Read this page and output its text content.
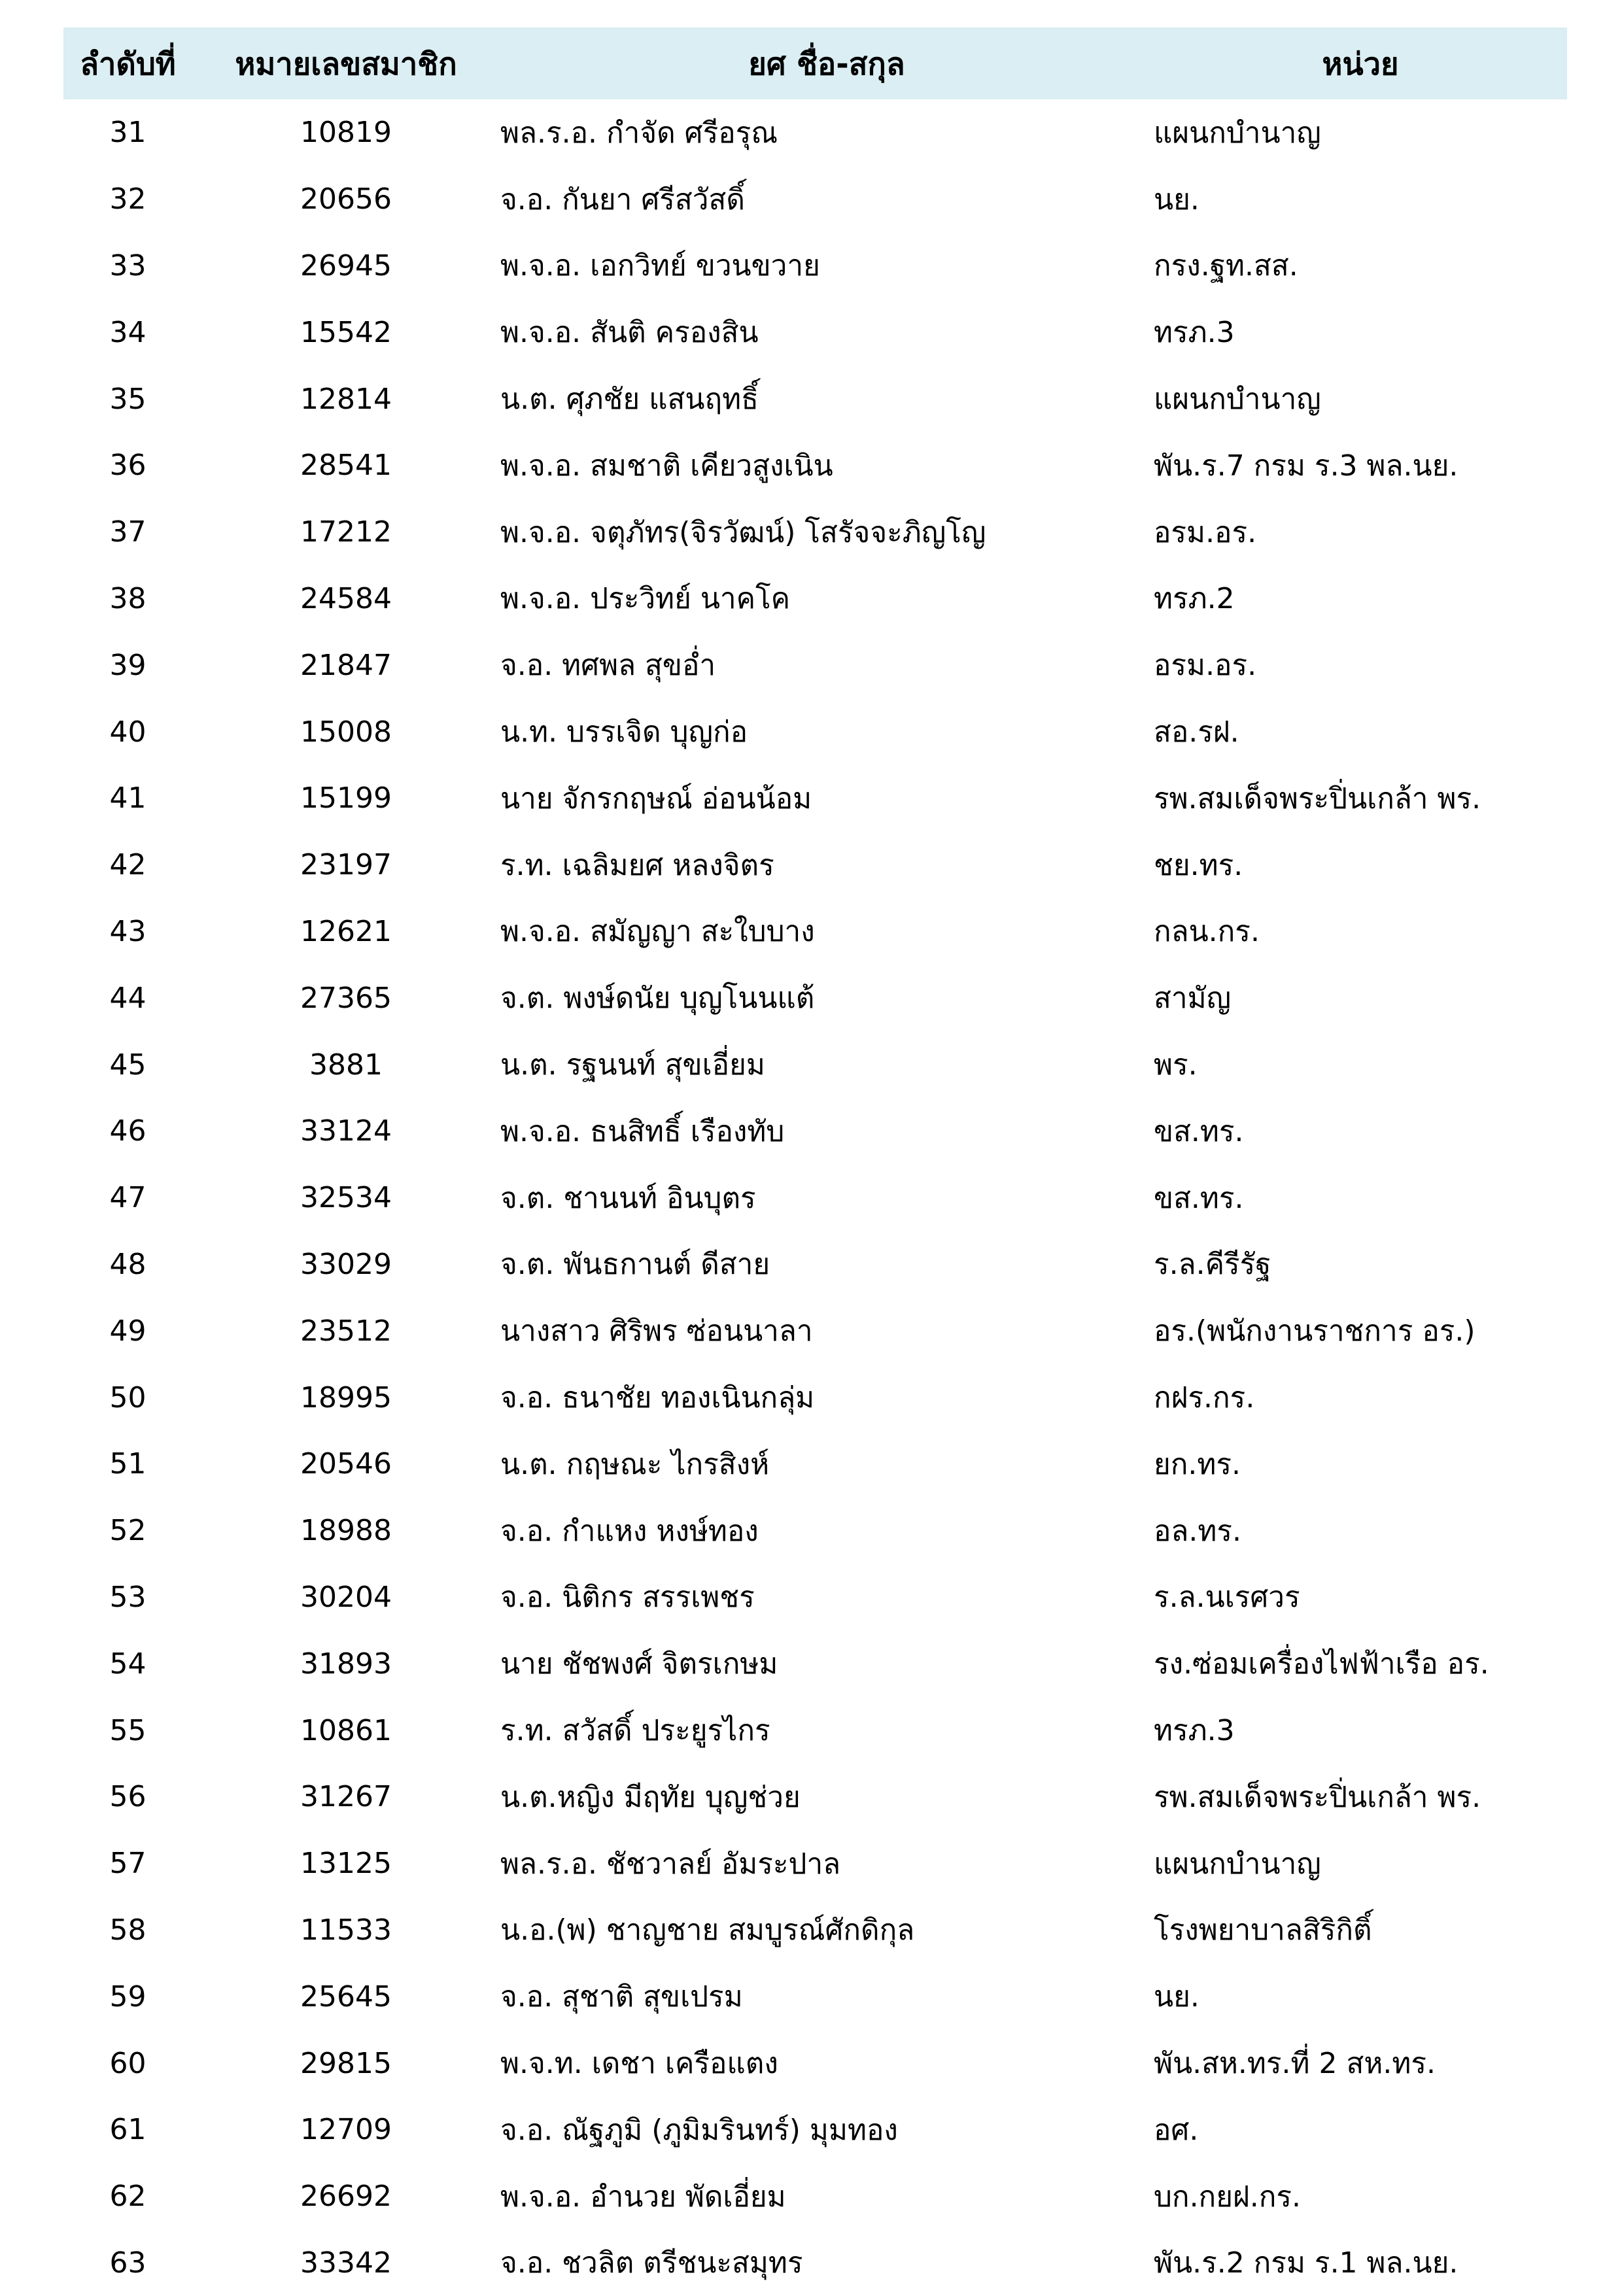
ลำดับที่	หมายเลขสมาชิก	ยศ ชื่อ-สกุล	หน่วย
31	10819	พล.ร.อ. กำจัด ศรีอรุณ	แผนกบำนาญ
32	20656	จ.อ. กันยา ศรีสวัสดิ์	นย.
33	26945	พ.จ.อ. เอกวิทย์ ขวนขวาย	กรง.ฐท.สส.
34	15542	พ.จ.อ. สันติ ครองสิน	ทรภ.3
35	12814	น.ต. ศุภชัย แสนฤทธิ์	แผนกบำนาญ
36	28541	พ.จ.อ. สมชาติ เคียวสูงเนิน	พัน.ร.7 กรม ร.3 พล.นย.
37	17212	พ.จ.อ. จตุภัทร(จิรวัฒน์) โสรัจจะภิญโญ	อรม.อร.
38	24584	พ.จ.อ. ประวิทย์ นาคโค	ทรภ.2
39	21847	จ.อ. ทศพล สุขอ่ำ	อรม.อร.
40	15008	น.ท. บรรเจิด บุญก่อ	สอ.รฝ.
41	15199	นาย จักรกฤษณ์ อ่อนน้อม	รพ.สมเด็จพระปิ่นเกล้า พร.
42	23197	ร.ท. เฉลิมยศ หลงจิตร	ชย.ทร.
43	12621	พ.จ.อ. สมัญญา สะใบบาง	กลน.กร.
44	27365	จ.ต. พงษ์ดนัย บุญโนนแต้	สามัญ
45	3881	น.ต. รฐนนท์ สุขเอี่ยม	พร.
46	33124	พ.จ.อ. ธนสิทธิ์ เรืองทับ	ขส.ทร.
47	32534	จ.ต. ชานนท์ อินบุตร	ขส.ทร.
48	33029	จ.ต. พันธกานต์ ดีสาย	ร.ล.คีรีรัฐ
49	23512	นางสาว ศิริพร ซ่อนนาลา	อร.(พนักงานราชการ อร.)
50	18995	จ.อ. ธนาชัย ทองเนินกลุ่ม	กฝร.กร.
51	20546	น.ต. กฤษณะ ไกรสิงห์	ยก.ทร.
52	18988	จ.อ. กำแหง หงษ์ทอง	อล.ทร.
53	30204	จ.อ. นิติกร สรรเพชร	ร.ล.นเรศวร
54	31893	นาย ชัชพงศ์ จิตรเกษม	รง.ซ่อมเครื่องไฟฟ้าเรือ อร.
55	10861	ร.ท. สวัสดิ์ ประยูรไกร	ทรภ.3
56	31267	น.ต.หญิง มีฤทัย บุญช่วย	รพ.สมเด็จพระปิ่นเกล้า พร.
57	13125	พล.ร.อ. ชัชวาลย์ อัมระปาล	แผนกบำนาญ
58	11533	น.อ.(พ) ชาญชาย สมบูรณ์ศักดิกุล	โรงพยาบาลสิริกิติ์
59	25645	จ.อ. สุชาติ สุขเปรม	นย.
60	29815	พ.จ.ท. เดชา เครือแตง	พัน.สห.ทร.ที่ 2 สห.ทร.
61	12709	จ.อ. ณัฐภูมิ (ภูมิมรินทร์) มุมทอง	อศ.
62	26692	พ.จ.อ. อำนวย พัดเอี่ยม	บก.กยฝ.กร.
63	33342	จ.อ. ชวลิต ตรีชนะสมุทร	พัน.ร.2 กรม ร.1 พล.นย.
